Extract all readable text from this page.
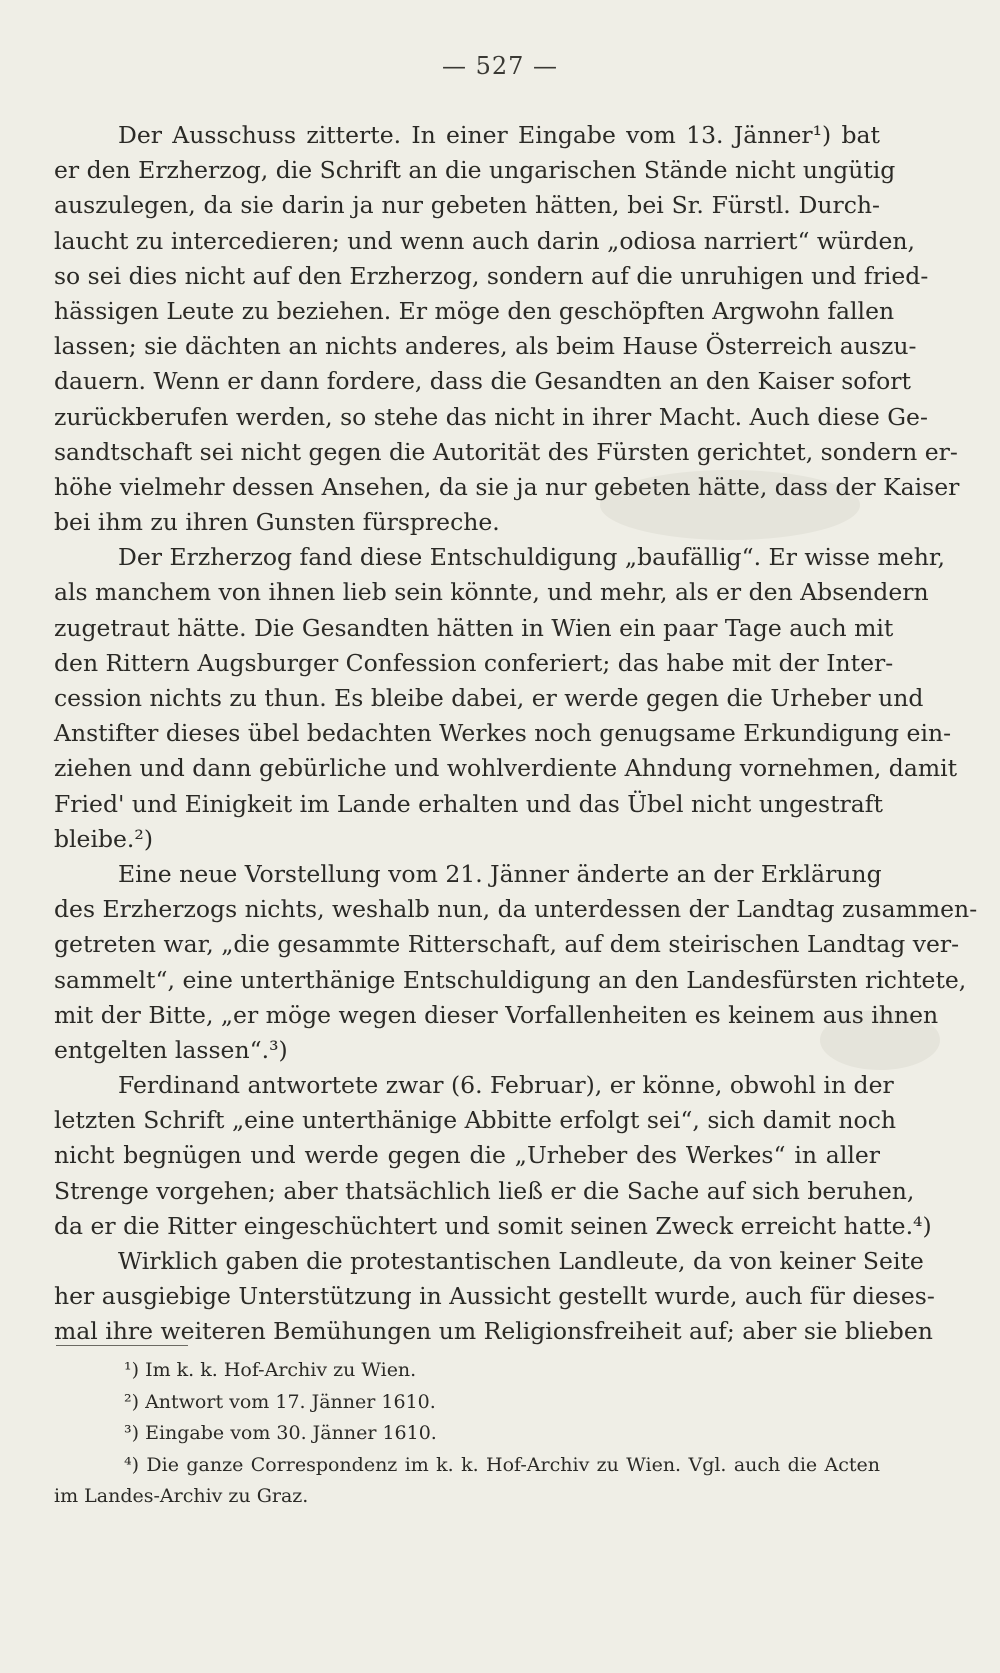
— 527 —
Der Ausschuss zitterte. In einer Eingabe vom 13. Jänner¹) bat
er den Erzherzog, die Schrift an die ungarischen Stände nicht ungütig
auszulegen, da sie darin ja nur gebeten hätten, bei Sr. Fürstl. Durch-
laucht zu intercedieren; und wenn auch darin „odiosa narriert“ würden,
so sei dies nicht auf den Erzherzog, sondern auf die unruhigen und fried-
hässigen Leute zu beziehen. Er möge den geschöpften Argwohn fallen
lassen; sie dächten an nichts anderes, als beim Hause Österreich auszu-
dauern. Wenn er dann fordere, dass die Gesandten an den Kaiser sofort
zurückberufen werden, so stehe das nicht in ihrer Macht. Auch diese Ge-
sandtschaft sei nicht gegen die Autorität des Fürsten gerichtet, sondern er-
höhe vielmehr dessen Ansehen, da sie ja nur gebeten hätte, dass der Kaiser
bei ihm zu ihren Gunsten fürspreche.
Der Erzherzog fand diese Entschuldigung „baufällig“. Er wisse mehr,
als manchem von ihnen lieb sein könnte, und mehr, als er den Absendern
zugetraut hätte. Die Gesandten hätten in Wien ein paar Tage auch mit
den Rittern Augsburger Confession conferiert; das habe mit der Inter-
cession nichts zu thun. Es bleibe dabei, er werde gegen die Urheber und
Anstifter dieses übel bedachten Werkes noch genugsame Erkundigung ein-
ziehen und dann gebürliche und wohlverdiente Ahndung vornehmen, damit
Fried' und Einigkeit im Lande erhalten und das Übel nicht ungestraft
bleibe.²)
Eine neue Vorstellung vom 21. Jänner änderte an der Erklärung
des Erzherzogs nichts, weshalb nun, da unterdessen der Landtag zusammen-
getreten war, „die gesammte Ritterschaft, auf dem steirischen Landtag ver-
sammelt“, eine unterthänige Entschuldigung an den Landesfürsten richtete,
mit der Bitte, „er möge wegen dieser Vorfallenheiten es keinem aus ihnen
entgelten lassen“.³)
Ferdinand antwortete zwar (6. Februar), er könne, obwohl in der
letzten Schrift „eine unterthänige Abbitte erfolgt sei“, sich damit noch
nicht begnügen und werde gegen die „Urheber des Werkes“ in aller
Strenge vorgehen; aber thatsächlich ließ er die Sache auf sich beruhen,
da er die Ritter eingeschüchtert und somit seinen Zweck erreicht hatte.⁴)
Wirklich gaben die protestantischen Landleute, da von keiner Seite
her ausgiebige Unterstützung in Aussicht gestellt wurde, auch für dieses-
mal ihre weiteren Bemühungen um Religionsfreiheit auf; aber sie blieben
¹) Im k. k. Hof-Archiv zu Wien.
²) Antwort vom 17. Jänner 1610.
³) Eingabe vom 30. Jänner 1610.
⁴) Die ganze Correspondenz im k. k. Hof-Archiv zu Wien. Vgl. auch die Acten
im Landes-Archiv zu Graz.
